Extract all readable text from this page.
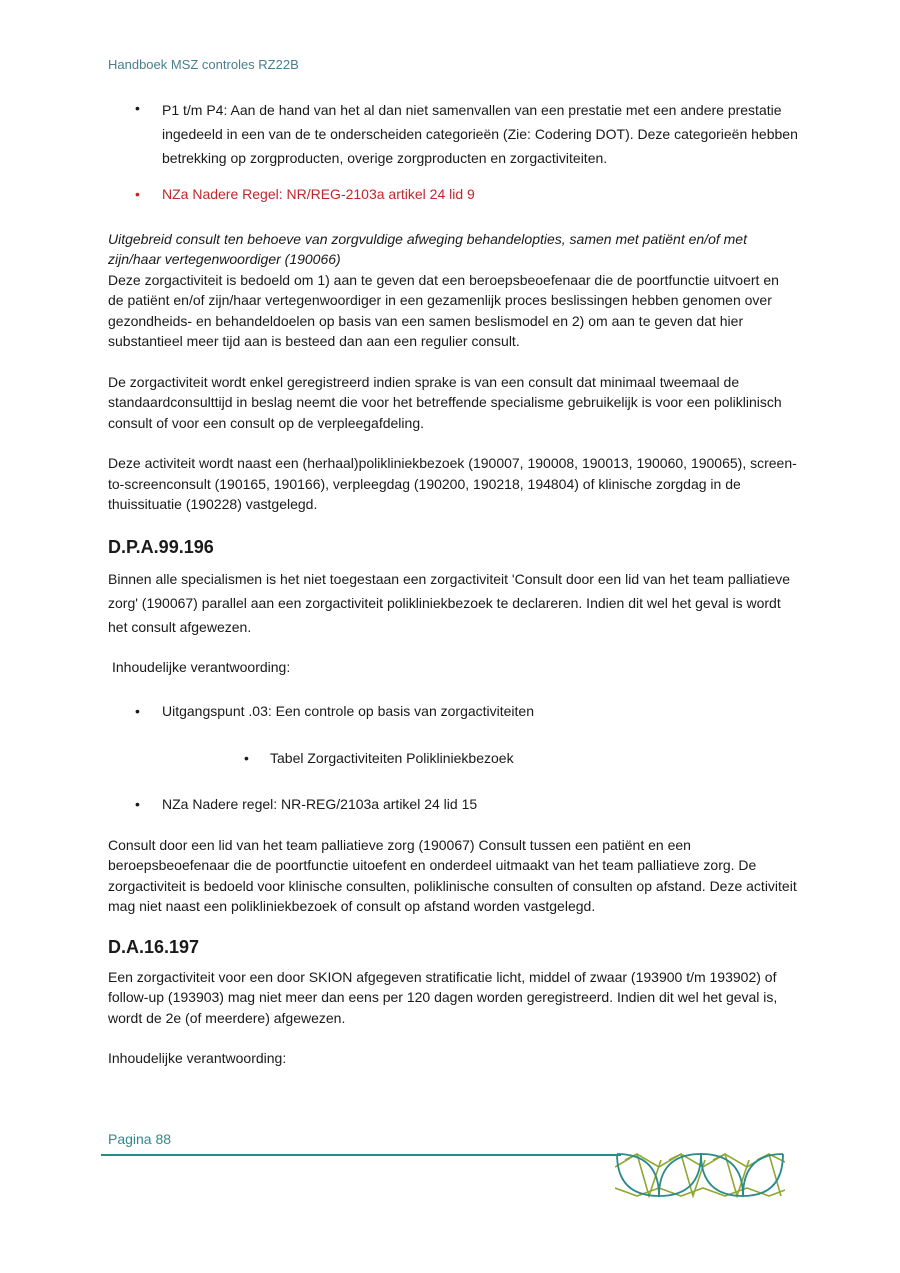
Handboek MSZ controles RZ22B
• P1 t/m P4: Aan de hand van het al dan niet samenvallen van een prestatie met een andere prestatie ingedeeld in een van de te onderscheiden categorieën (Zie: Codering DOT). Deze categorieën hebben betrekking op zorgproducten, overige zorgproducten en zorgactiviteiten.
• NZa Nadere Regel: NR/REG-2103a artikel 24 lid 9

Uitgebreid consult ten behoeve van zorgvuldige afweging behandelopties, samen met patiënt en/of met zijn/haar vertegenwoordiger (190066)

Deze zorgactiviteit is bedoeld om 1) aan te geven dat een beroepsbeoefenaar die de poortfunctie uitvoert en de patiënt en/of zijn/haar vertegenwoordiger in een gezamenlijk proces beslissingen hebben genomen over gezondheids- en behandeldoelen op basis van een samen beslismodel en 2) om aan te geven dat hier substantieel meer tijd aan is besteed dan aan een regulier consult.

De zorgactiviteit wordt enkel geregistreerd indien sprake is van een consult dat minimaal tweemaal de standaardconsulttijd in beslag neemt die voor het betreffende specialisme gebruikelijk is voor een poliklinisch consult of voor een consult op de verpleegafdeling.

Deze activiteit wordt naast een (herhaal)polikliniekbezoek (190007, 190008, 190013, 190060, 190065), screen-to-screenconsult (190165, 190166), verpleegdag (190200, 190218, 194804) of klinische zorgdag in de thuissituatie (190228) vastgelegd.

D.P.A.99.196

Binnen alle specialismen is het niet toegestaan een zorgactiviteit 'Consult door een lid van het team palliatieve zorg' (190067) parallel aan een zorgactiviteit polikliniekbezoek te declareren. Indien dit wel het geval is wordt het consult afgewezen.

Inhoudelijke verantwoording:

• Uitgangspunt .03: Een controle op basis van zorgactiviteiten
• Tabel Zorgactiviteiten Polikliniekbezoek
• NZa Nadere regel: NR-REG/2103a artikel 24 lid 15

Consult door een lid van het team palliatieve zorg (190067) Consult tussen een patiënt en een beroepsbeoefenaar die de poortfunctie uitoefent en onderdeel uitmaakt van het team palliatieve zorg. De zorgactiviteit is bedoeld voor klinische consulten, poliklinische consulten of consulten op afstand. Deze activiteit mag niet naast een polikliniekbezoek of consult op afstand worden vastgelegd.

D.A.16.197

Een zorgactiviteit voor een door SKION afgegeven stratificatie licht, middel of zwaar (193900 t/m 193902) of follow-up (193903) mag niet meer dan eens per 120 dagen worden geregistreerd. Indien dit wel het geval is, wordt de 2e (of meerdere) afgewezen.

Inhoudelijke verantwoording:

Pagina 88
